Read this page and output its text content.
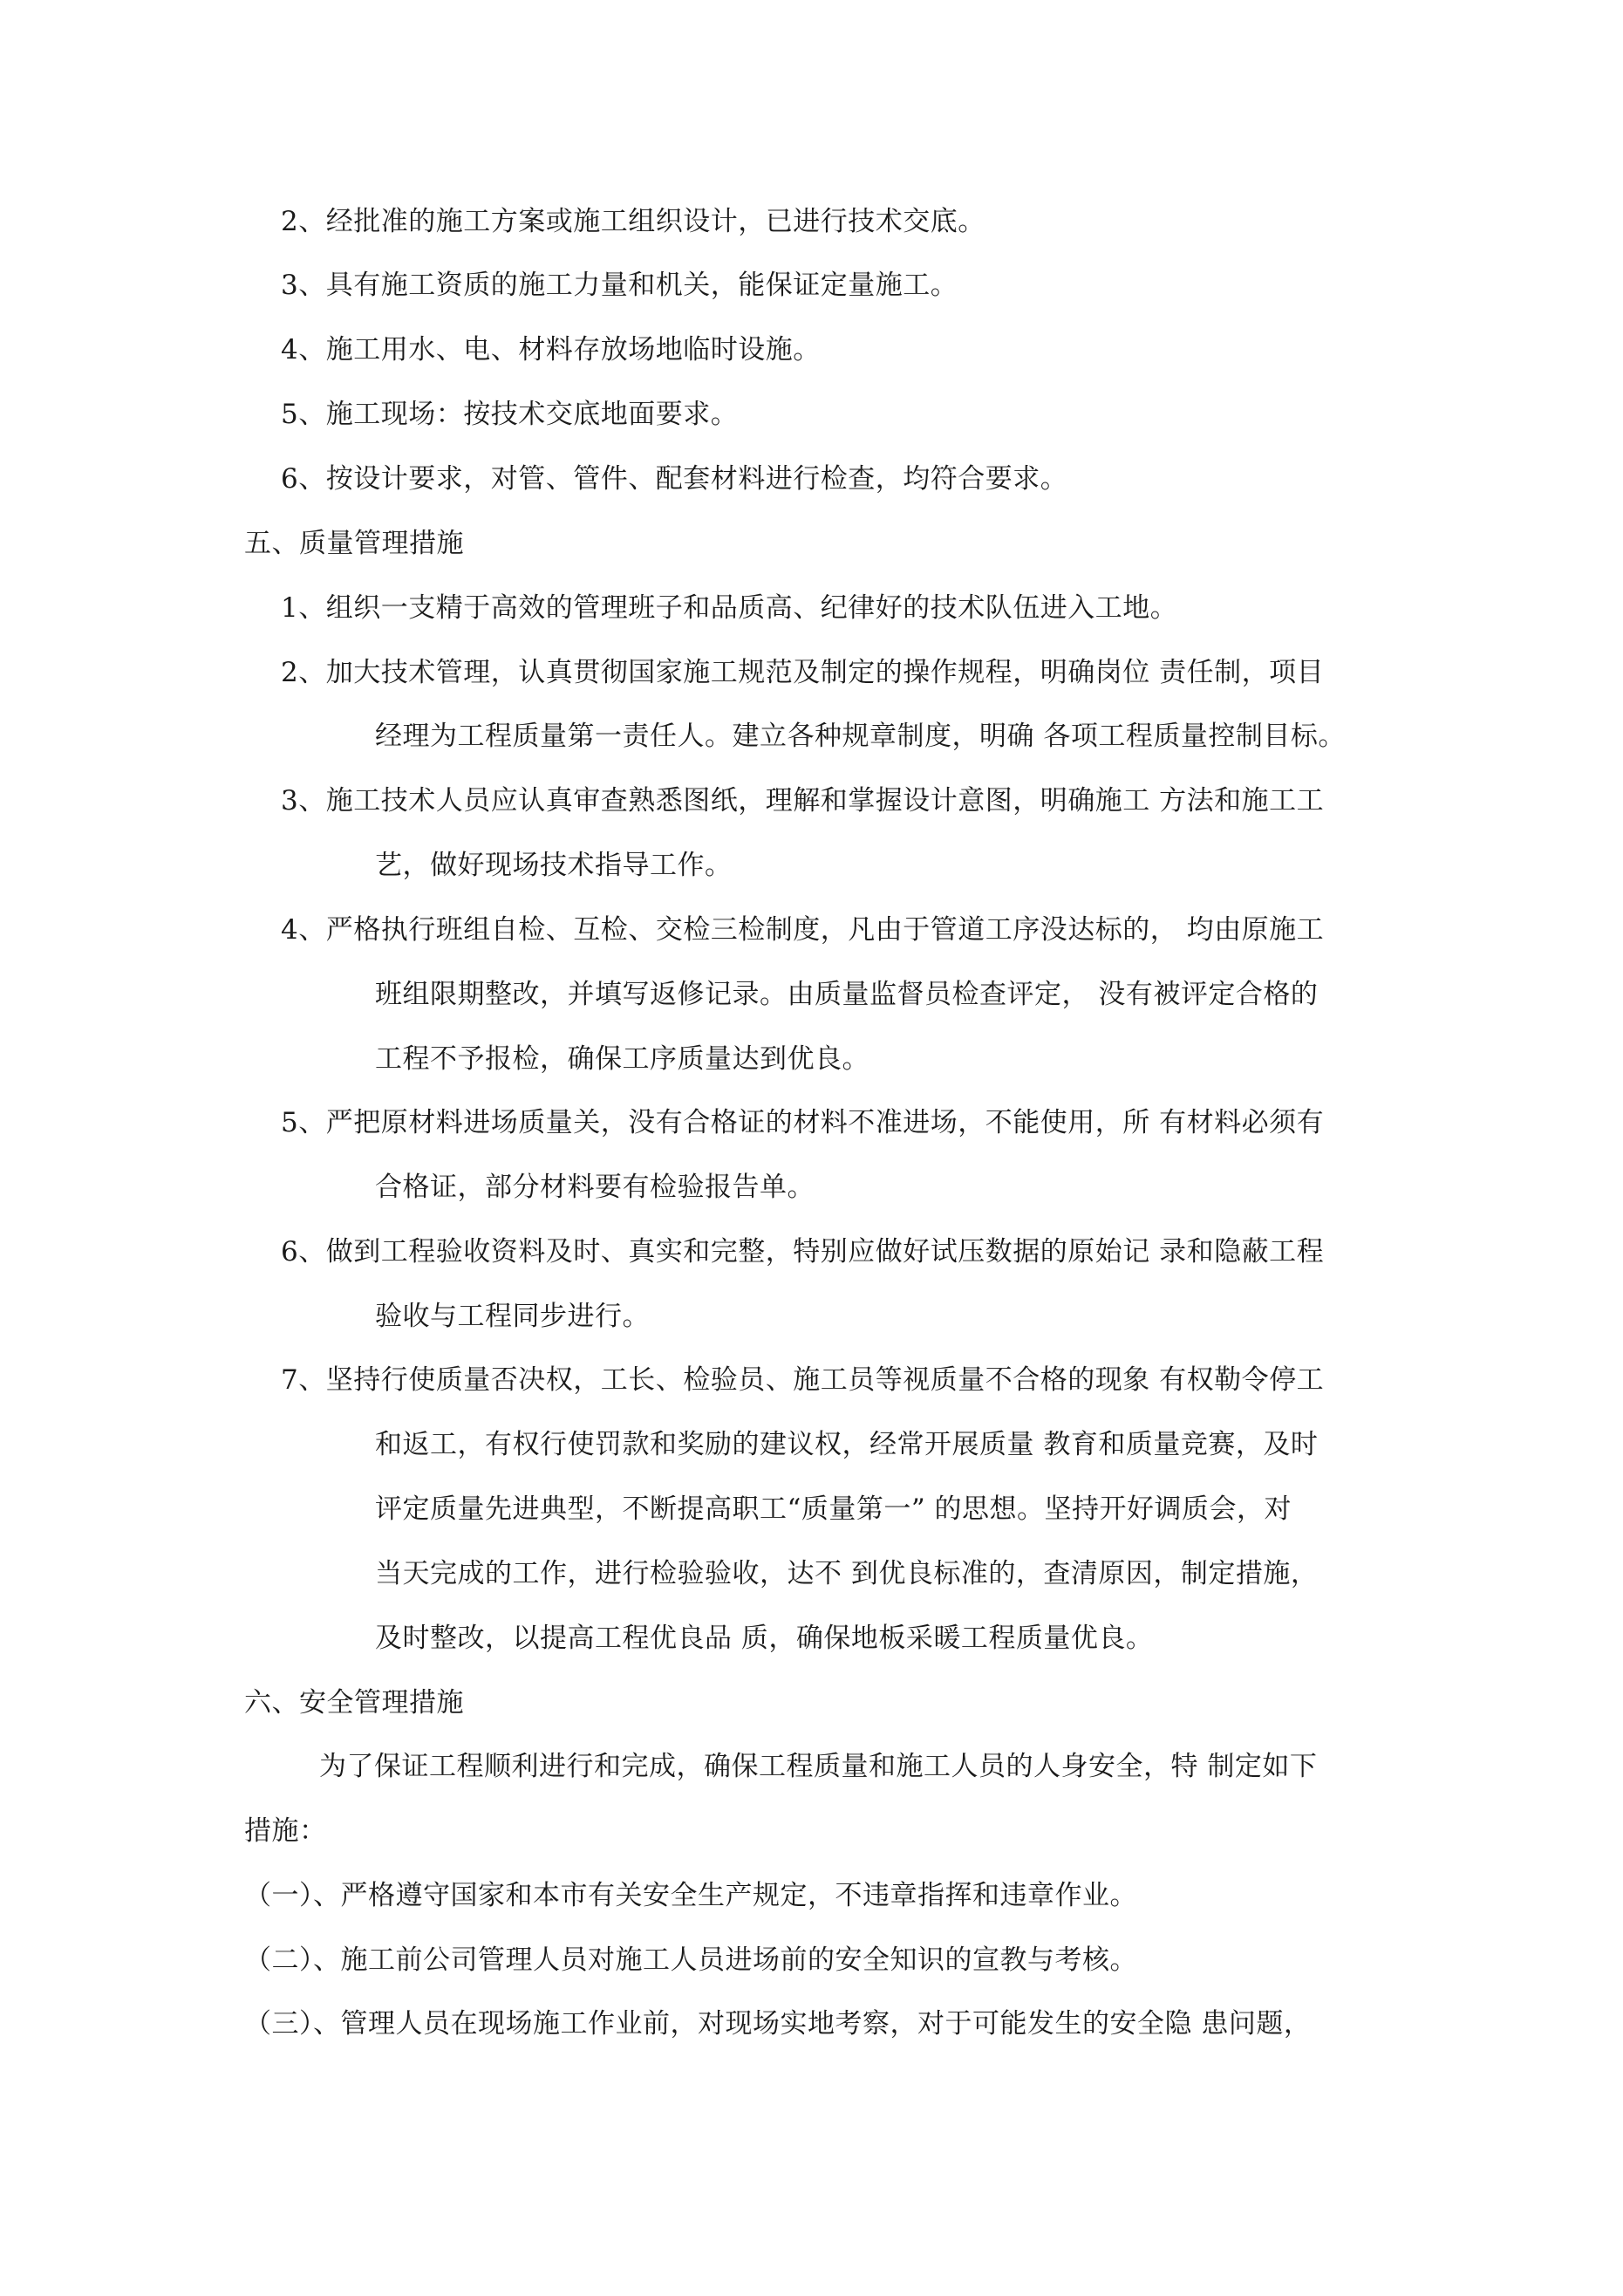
2、经批准的施工方案或施工组织设计，已进行技术交底。
3、具有施工资质的施工力量和机关，能保证定量施工。
4、施工用水、电、材料存放场地临时设施。
5、施工现场：按技术交底地面要求。
6、按设计要求，对管、管件、配套材料进行检查，均符合要求。
五、质量管理措施
1、组织一支精于高效的管理班子和品质高、纪律好的技术队伍进入工地。
2、加大技术管理，认真贯彻国家施工规范及制定的操作规程，明确岗位 责任制，项目
经理为工程质量第一责任人。建立各种规章制度，明确 各项工程质量控制目标。
3、施工技术人员应认真审查熟悉图纸，理解和掌握设计意图，明确施工 方法和施工工
艺，做好现场技术指导工作。
4、严格执行班组自检、互检、交检三检制度，凡由于管道工序没达标的， 均由原施工
班组限期整改，并填写返修记录。由质量监督员检查评定， 没有被评定合格的
工程不予报检，确保工序质量达到优良。
5、严把原材料进场质量关，没有合格证的材料不准进场，不能使用，所 有材料必须有
合格证，部分材料要有检验报告单。
6、做到工程验收资料及时、真实和完整，特别应做好试压数据的原始记 录和隐蔽工程
验收与工程同步进行。
7、坚持行使质量否决权，工长、检验员、施工员等视质量不合格的现象 有权勒令停工
和返工，有权行使罚款和奖励的建议权，经常开展质量 教育和质量竞赛，及时
评定质量先进典型，不断提高职工“质量第一” 的思想。坚持开好调质会，对
当天完成的工作，进行检验验收，达不 到优良标准的，查清原因，制定措施，
及时整改，以提高工程优良品 质，确保地板采暖工程质量优良。
六、安全管理措施
为了保证工程顺利进行和完成，确保工程质量和施工人员的人身安全，特 制定如下
措施：
（一）、严格遵守国家和本市有关安全生产规定，不违章指挥和违章作业。
（二）、施工前公司管理人员对施工人员进场前的安全知识的宣教与考核。
（三）、管理人员在现场施工作业前，对现场实地考察，对于可能发生的安全隐 患问题，
